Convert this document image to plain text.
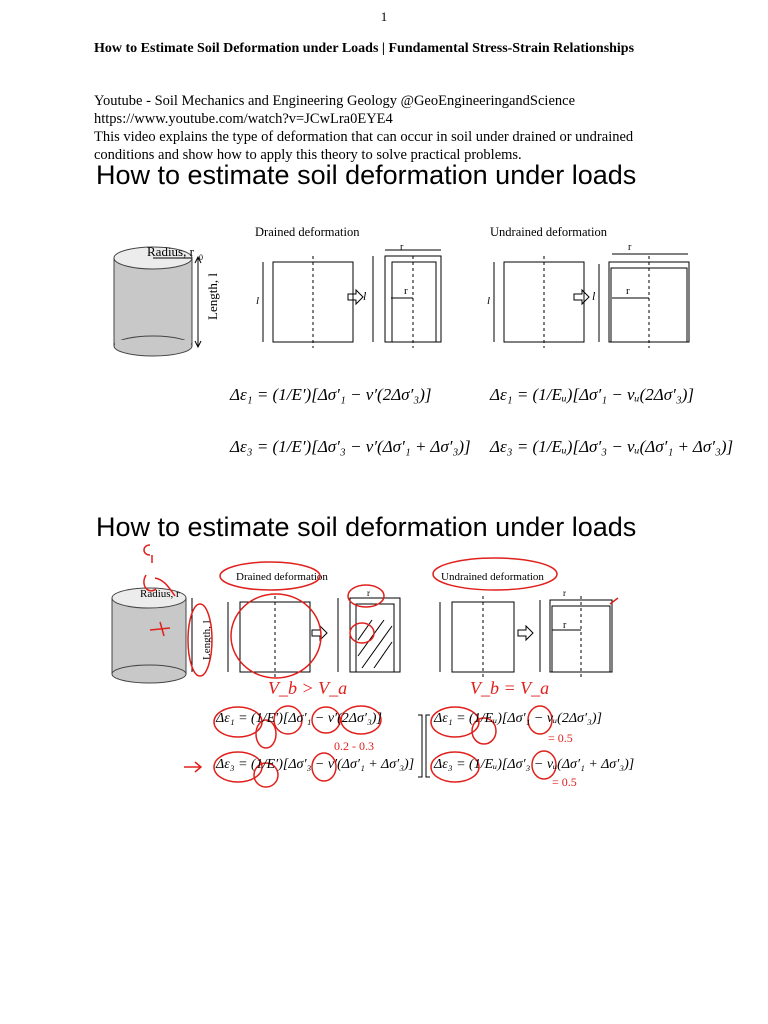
1
How to Estimate Soil Deformation under Loads | Fundamental Stress-Strain Relationships
Youtube - Soil Mechanics and Engineering Geology @GeoEngineeringandScience
https://www.youtube.com/watch?v=JCwLra0EYE4
This video explains the type of deformation that can occur in soil under drained or undrained
conditions and show how to apply this theory to solve practical problems.
How to estimate soil deformation under loads
Radius, r 0
Length, l
Drained deformation
l	l	r
r
Undrained deformation
l	l	r
r
Δε₁ = (1/E′)[Δσ′₁ − ν′(2Δσ′₃)]
Δε₃ = (1/E′)[Δσ′₃ − ν′(Δσ′₁ + Δσ′₃)]
Δε₁ = (1/Eᵤ)[Δσ′₁ − νᵤ(2Δσ′₃)]
Δε₃ = (1/Eᵤ)[Δσ′₃ − νᵤ(Δσ′₁ + Δσ′₃)]
How to estimate soil deformation under loads
Radius, r
Length, l
Drained deformation
r
Undrained deformation
r
r
V_b > V_a	V_b = V_a
0.2 - 0.3
= 0.5
= 0.5
Δε₁ = (1/E′)[Δσ′₁ − ν′(2Δσ′₃)]
Δε₃ = (1/E′)[Δσ′₃ − ν′(Δσ′₁ + Δσ′₃)]
Δε₁ = (1/Eᵤ)[Δσ′₁ − νᵤ(2Δσ′₃)]
Δε₃ = (1/Eᵤ)[Δσ′₃ − νᵤ(Δσ′₁ + Δσ′₃)]
